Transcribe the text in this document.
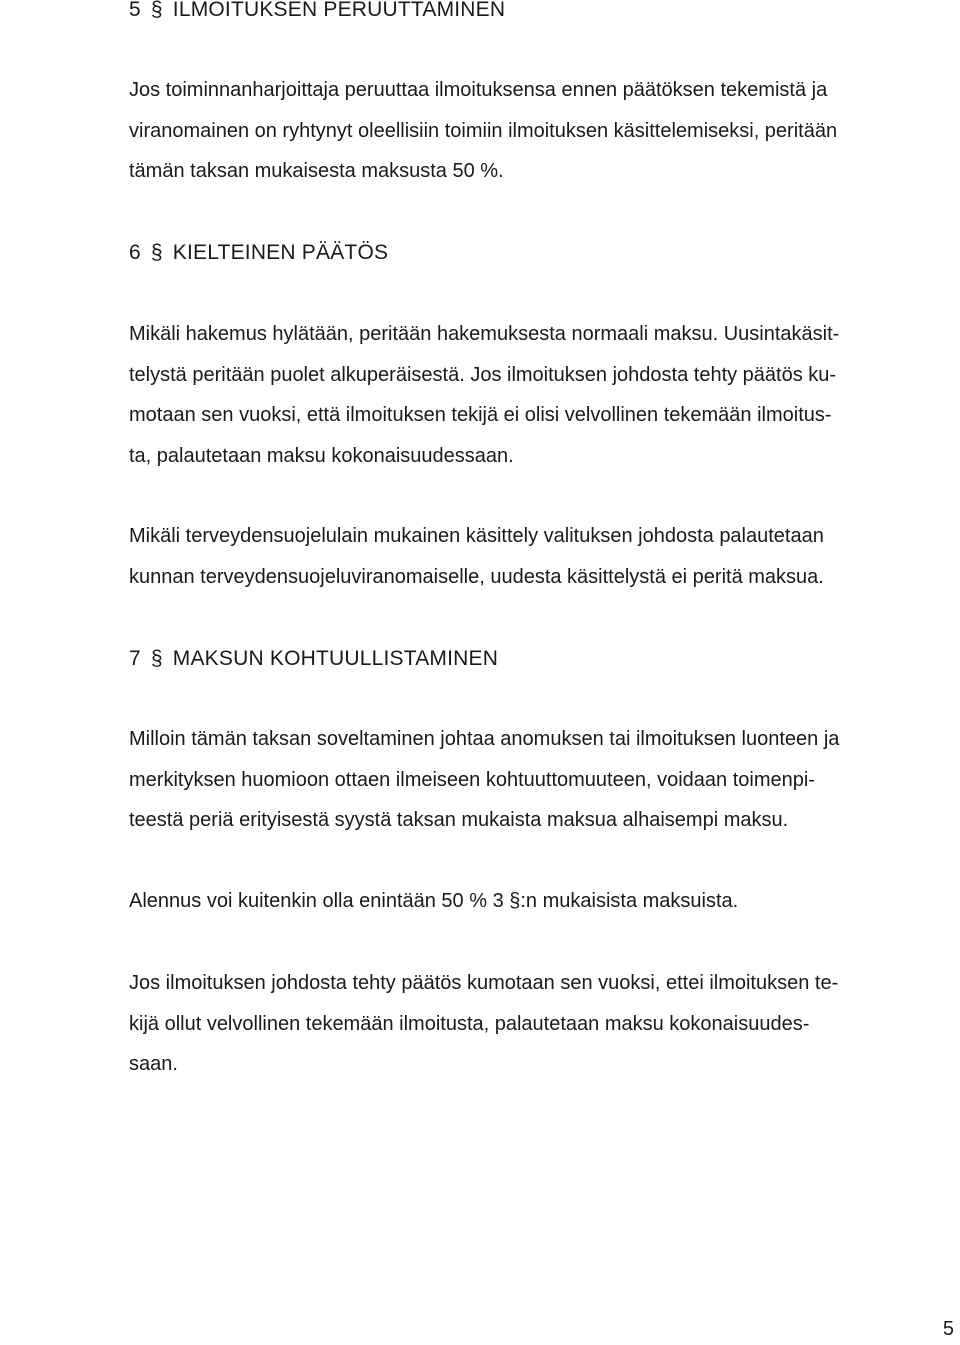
5 § ILMOITUKSEN PERUUTTAMINEN
Jos toiminnanharjoittaja peruuttaa ilmoituksensa ennen päätöksen tekemistä ja
viranomainen on ryhtynyt oleellisiin toimiin ilmoituksen käsittelemiseksi, peritään
tämän taksan mukaisesta maksusta 50 %.
6 § KIELTEINEN PÄÄTÖS
Mikäli hakemus hylätään, peritään hakemuksesta normaali maksu. Uusintakäsit-
telystä peritään puolet alkuperäisestä. Jos ilmoituksen johdosta tehty päätös ku-
motaan sen vuoksi, että ilmoituksen tekijä ei olisi velvollinen tekemään ilmoitus-
ta, palautetaan maksu kokonaisuudessaan.
Mikäli terveydensuojelulain mukainen käsittely valituksen johdosta palautetaan
kunnan terveydensuojeluviranomaiselle, uudesta käsittelystä ei peritä maksua.
7 § MAKSUN KOHTUULLISTAMINEN
Milloin tämän taksan soveltaminen johtaa anomuksen tai ilmoituksen luonteen ja
merkityksen huomioon ottaen ilmeiseen kohtuuttomuuteen, voidaan toimenpi-
teestä periä erityisestä syystä taksan mukaista maksua alhaisempi maksu.
Alennus voi kuitenkin olla enintään 50 % 3 §:n mukaisista maksuista.
Jos ilmoituksen johdosta tehty päätös kumotaan sen vuoksi, ettei ilmoituksen te-
kijä ollut velvollinen tekemään ilmoitusta, palautetaan maksu kokonaisuudes-
saan.
5
